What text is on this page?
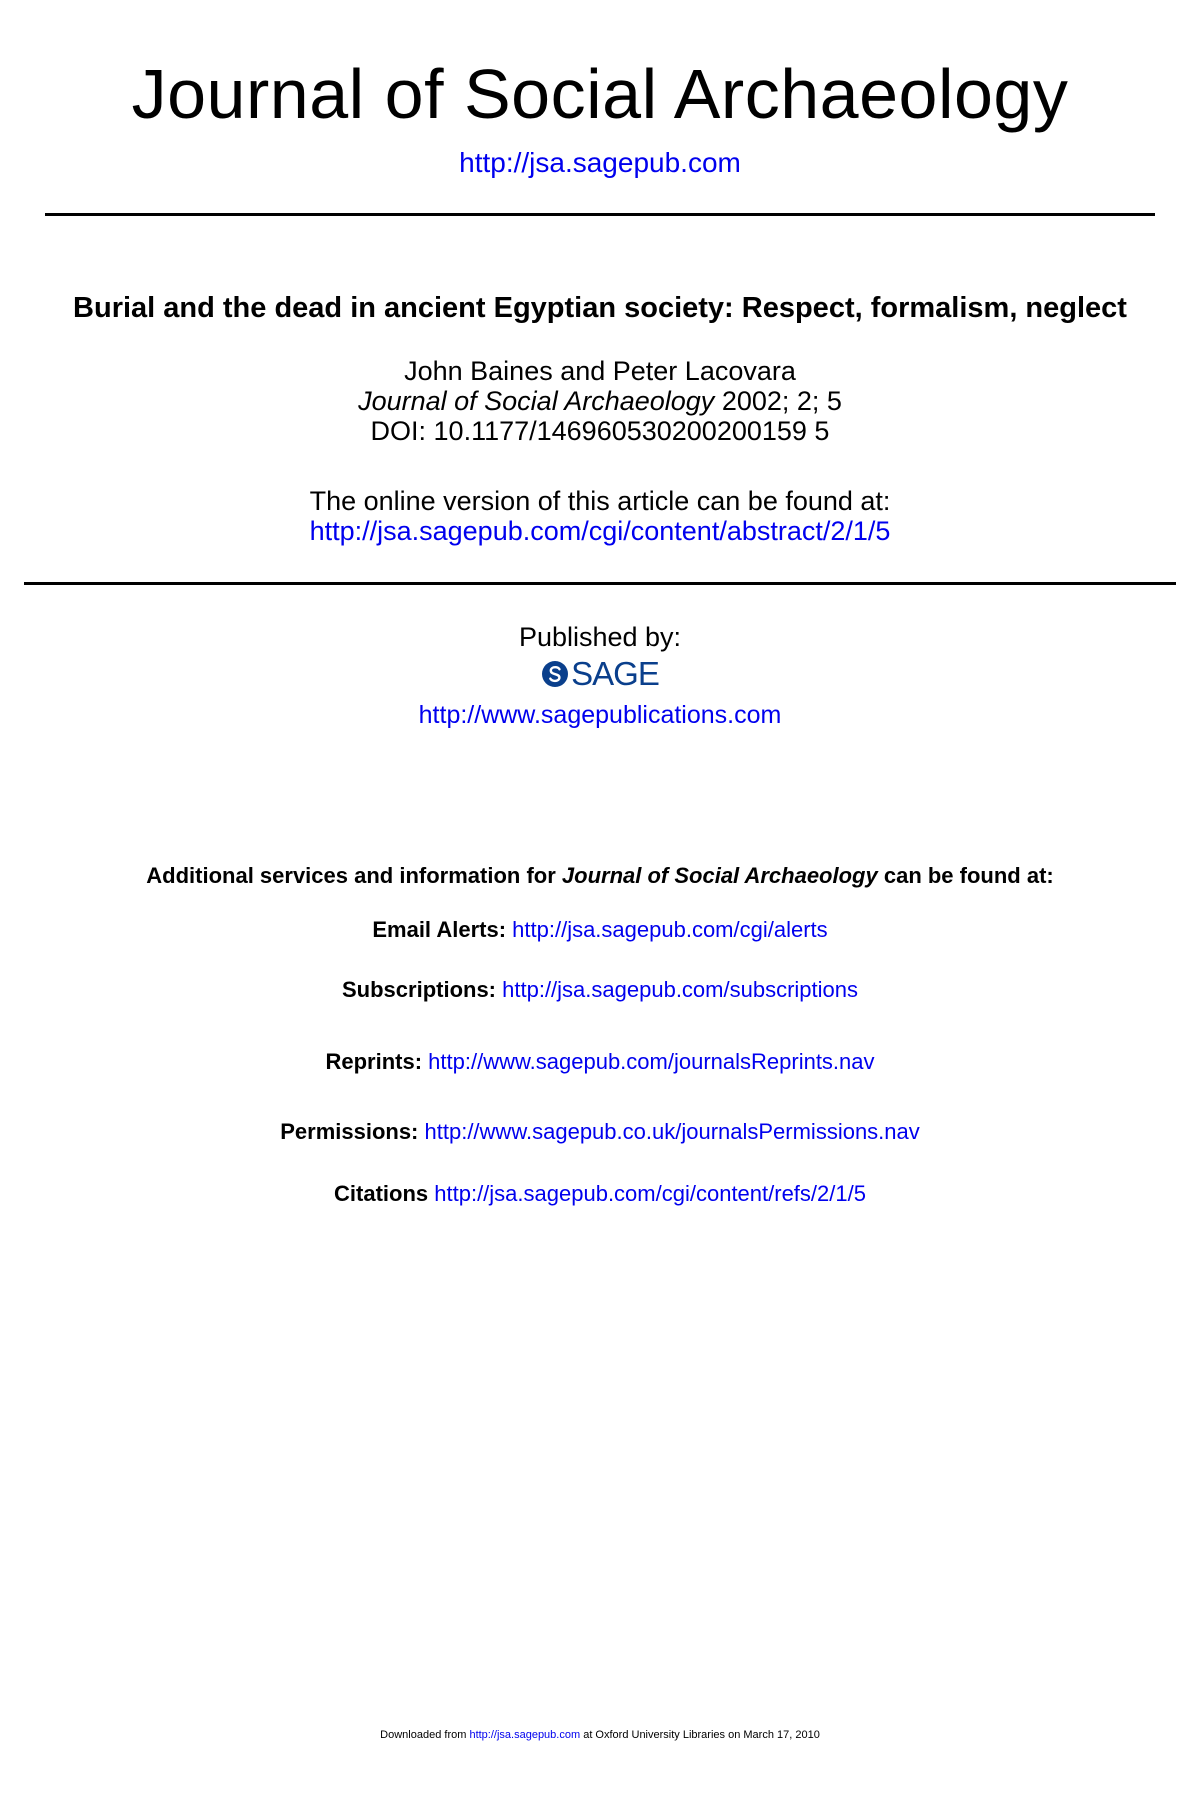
Journal of Social Archaeology
http://jsa.sagepub.com
Burial and the dead in ancient Egyptian society: Respect, formalism, neglect
John Baines and Peter Lacovara
Journal of Social Archaeology 2002; 2; 5
DOI: 10.1177/146960530200200159 5
The online version of this article can be found at:
http://jsa.sagepub.com/cgi/content/abstract/2/1/5
Published by:
SAGE
http://www.sagepublications.com
Additional services and information for Journal of Social Archaeology can be found at:
Email Alerts: http://jsa.sagepub.com/cgi/alerts
Subscriptions: http://jsa.sagepub.com/subscriptions
Reprints: http://www.sagepub.com/journalsReprints.nav
Permissions: http://www.sagepub.co.uk/journalsPermissions.nav
Citations http://jsa.sagepub.com/cgi/content/refs/2/1/5
Downloaded from http://jsa.sagepub.com at Oxford University Libraries on March 17, 2010
